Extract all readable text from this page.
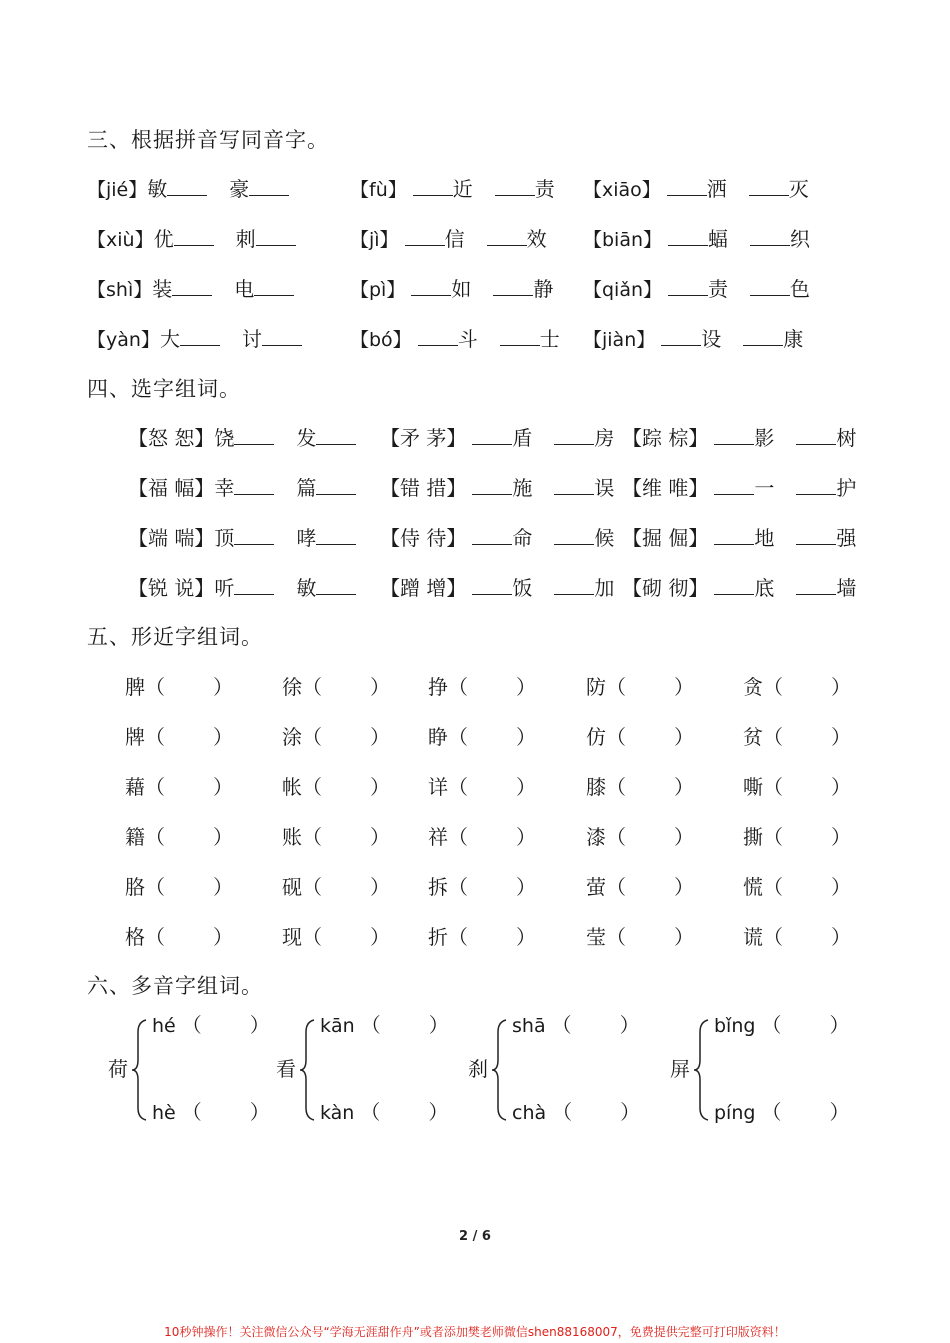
三、根据拼音写同音字。
【jié】敏	豪	【fù】 近	责 【xiāo】 洒	灭
【xiù】优	刺	【jì】 信	效 【biān】 蝠	织
【shì】装	电	【pì】 如	静 【qiǎn】 责	色
【yàn】大	讨	【bó】 斗	士 【jiàn】 设	康
四、选字组词。
【怒 恕】饶	发	【矛 茅】 盾	房 【踪 棕】 影	树
【福 幅】幸	篇	【错 措】 施	误 【维 唯】 一	护
【端 喘】顶	哮	【侍 待】 命	候 【掘 倔】 地	强
【锐 说】听	敏	【蹭 增】 饭	加 【砌 彻】 底	墙
五、形近字组词。
脾（ ） 徐（ ） 挣（ ）	防（ ） 贪（ ）
牌（ ） 涂（ ） 睁（ ）	仿（ ） 贫（ ）
藉（ ） 帐（ ） 详（ ）	膝（ ） 嘶（ ）
籍（ ） 账（ ） 祥（ ）	漆（ ） 撕（ ）
胳（ ） 砚（ ） 拆（ ）	萤（ ） 慌（ ）
格（ ） 现（ ） 折（ ）	莹（ ） 谎（ ）
六、多音字组词。
荷
hé （ ）
hè （ ）
看
kān （ ）
kàn （ ）
刹
shā （ ）
chà （ ）
屏
bǐng （ ）
píng （ ）
2 / 6
10秒钟操作！关注微信公众号“学海无涯甜作舟”或者添加樊老师微信shen88168007，免费提供完整可打印版资料！
